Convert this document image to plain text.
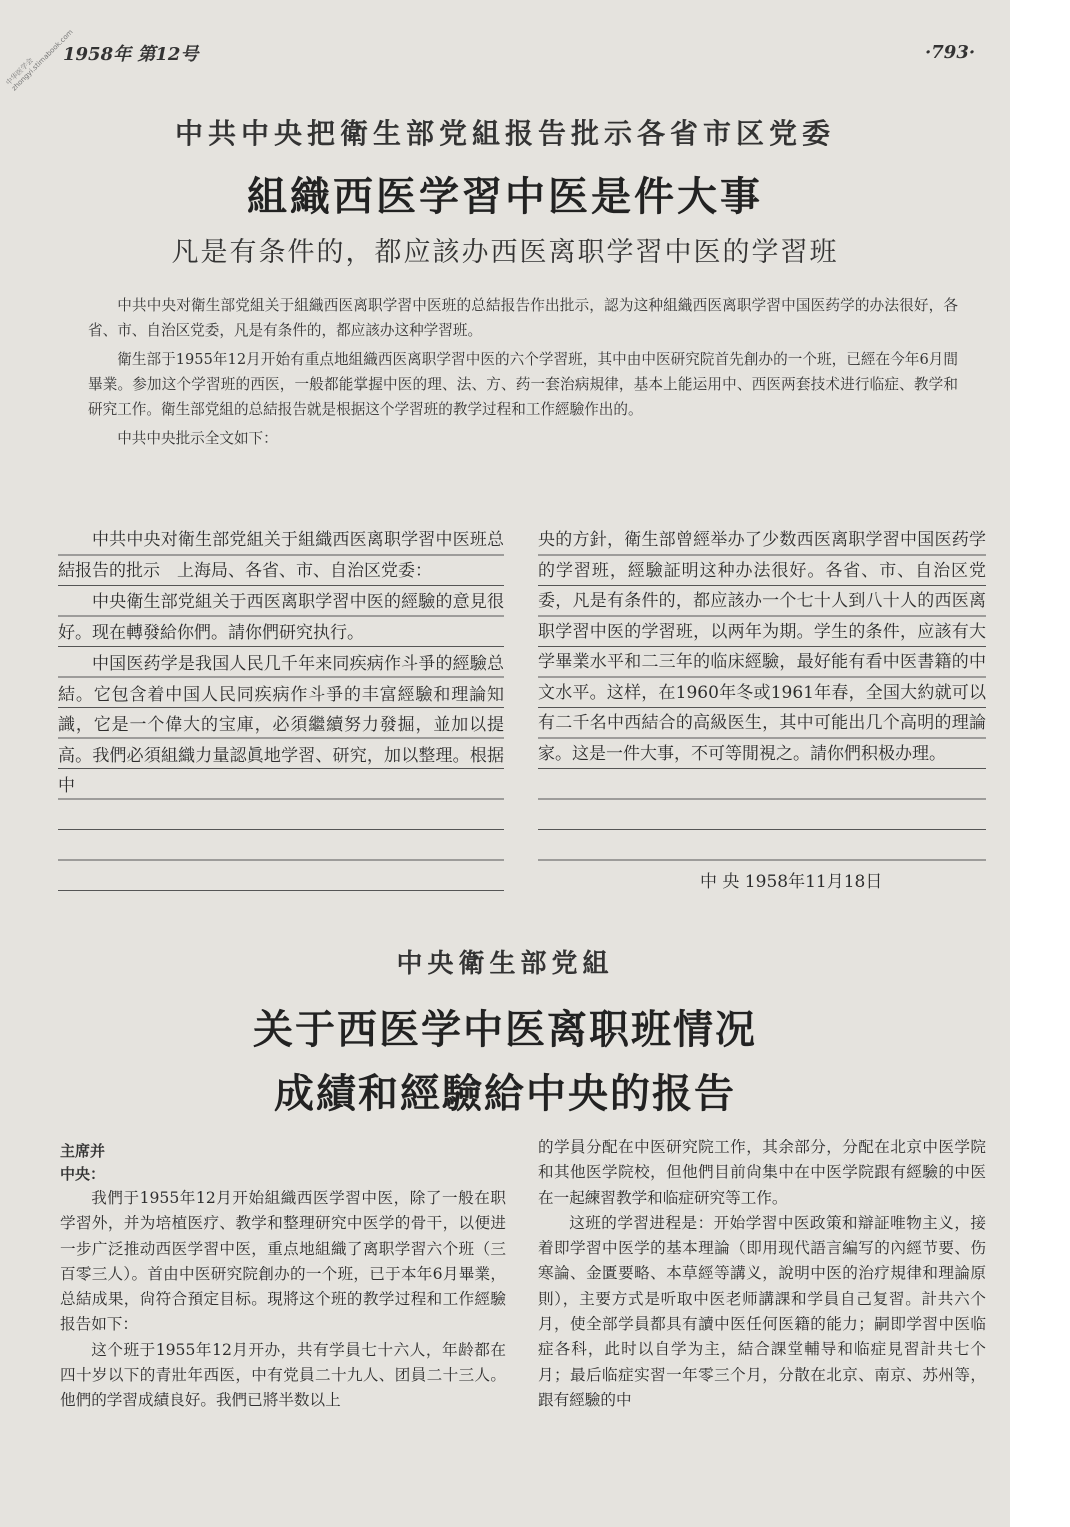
中华医学会 zhongyi.stimabook.com
1958年 第12号	·793·
中共中央把衛生部党組报告批示各省市区党委
組織西医学習中医是件大事
凡是有条件的，都应該办西医离职学習中医的学習班

中共中央对衛生部党組关于組織西医离职学習中医班的总結报告作出批示，認为这种組織西医离职学習中国医药学的办法很好，各省、市、自治区党委，凡是有条件的，都应該办这种学習班。

衛生部于1955年12月开始有重点地組織西医离职学習中医的六个学習班，其中由中医研究院首先創办的一个班，已經在今年6月間畢業。参加这个学習班的西医，一般都能掌握中医的理、法、方、药一套治病規律，基本上能运用中、西医两套技术进行临症、教学和研究工作。衛生部党組的总結报告就是根据这个学習班的教学过程和工作經驗作出的。

中共中央批示全文如下：

中共中央对衛生部党組关于組織西医离职学習中医班总結报告的批示　 上海局、各省、市、自治区党委：

中央衛生部党組关于西医离职学習中医的經驗的意見很好。现在轉發給你們。請你們研究执行。

中国医药学是我国人民几千年来同疾病作斗爭的經驗总結。它包含着中国人民同疾病作斗爭的丰富經驗和理論知識，它是一个偉大的宝庫，必須繼續努力發掘，並加以提高。我們必須組織力量認眞地学習、研究，加以整理。根据中

央的方針，衛生部曾經举办了少数西医离职学習中国医药学的学習班，經驗証明这种办法很好。各省、市、自治区党委，凡是有条件的，都应該办一个七十人到八十人的西医离职学習中医的学習班，以两年为期。学生的条件，应該有大学畢業水平和二三年的临床經驗，最好能有看中医書籍的中文水平。这样，在1960年冬或1961年春，全国大約就可以有二千名中西結合的高級医生，其中可能出几个高明的理論家。这是一件大事，不可等閒視之。請你們积极办理。

中 央 1958年11月18日
中央衛生部党組
关于西医学中医离职班情况
成績和經驗給中央的报告
主席并
中央：

我們于1955年12月开始組織西医学習中医，除了一般在职学習外，并为培植医疗、教学和整理研究中医学的骨干，以便进一步广泛推动西医学習中医，重点地組織了离职学習六个班（三百零三人）。首由中医研究院創办的一个班，已于本年6月畢業，总結成果，尙符合預定目标。現將这个班的教学过程和工作經驗报告如下：

这个班于1955年12月开办，共有学員七十六人，年龄都在四十岁以下的青壯年西医，中有党員二十九人、团員二十三人。他們的学習成績良好。我們已將半数以上

的学員分配在中医研究院工作，其余部分，分配在北京中医学院和其他医学院校，但他們目前尙集中在中医学院跟有經驗的中医在一起練習教学和临症研究等工作。

这班的学習进程是：开始学習中医政策和辯証唯物主义，接着即学習中医学的基本理論（即用现代語言編写的內經节要、伤寒論、金匱要略、本草經等講义，說明中医的治疗規律和理論原則），主要方式是听取中医老师講課和学員自己复習。計共六个月，使全部学員都具有讀中医任何医籍的能力；嗣即学習中医临症各科，此时以自学为主，結合課堂輔导和临症見習計共七个月；最后临症实習一年零三个月，分散在北京、南京、苏州等，跟有經驗的中
